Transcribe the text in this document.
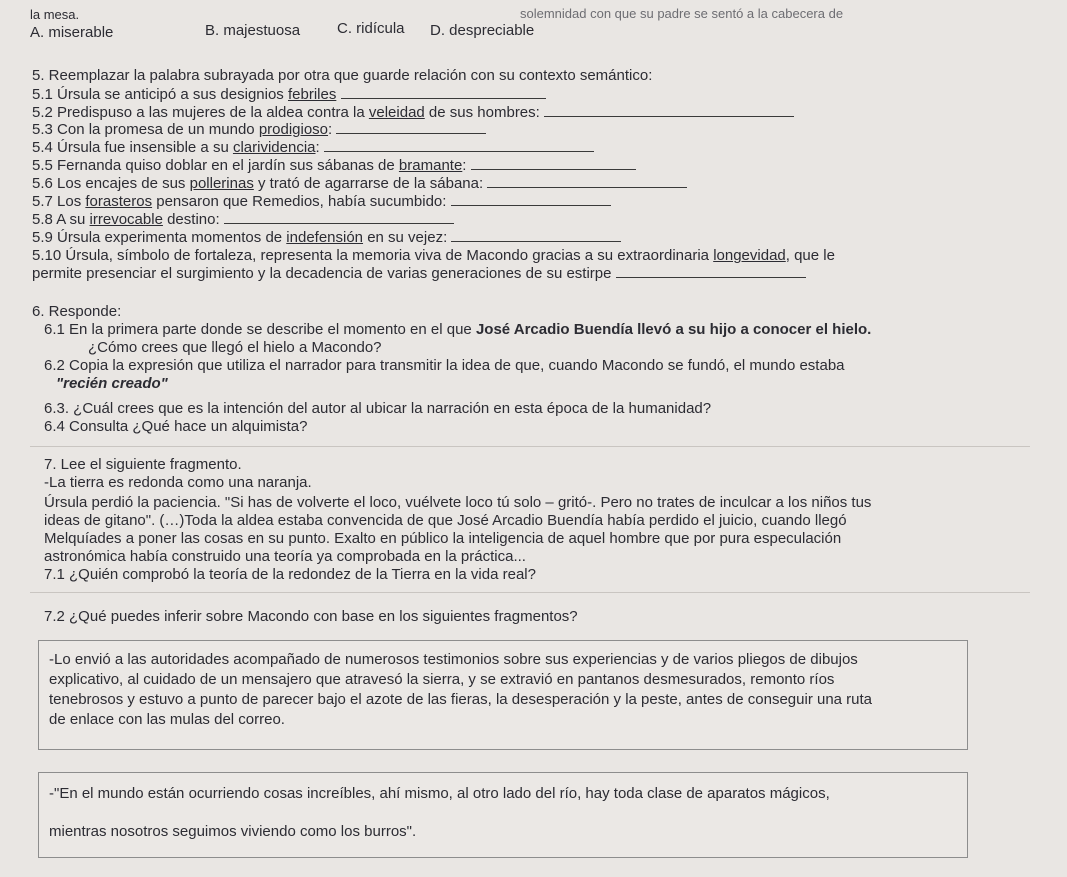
la mesa.	solemnidad con que su padre se sentó a la cabecera de
A. miserable	B. majestuosa C. ridícula D. despreciable
5. Reemplazar la palabra subrayada por otra que guarde relación con su contexto semántico:
5.1 Úrsula se anticipó a sus designios febriles
5.2 Predispuso a las mujeres de la aldea contra la veleidad de sus hombres:
5.3 Con la promesa de un mundo prodigioso:
5.4 Úrsula fue insensible a su clarividencia:
5.5 Fernanda quiso doblar en el jardín sus sábanas de bramante:
5.6 Los encajes de sus pollerinas y trató de agarrarse de la sábana:
5.7 Los forasteros pensaron que Remedios, había sucumbido:
5.8 A su irrevocable destino:
5.9 Úrsula experimenta momentos de indefensión en su vejez:
5.10 Úrsula, símbolo de fortaleza, representa la memoria viva de Macondo gracias a su extraordinaria longevidad, que le
permite presenciar el surgimiento y la decadencia de varias generaciones de su estirpe
6. Responde:
6.1 En la primera parte donde se describe el momento en el que José Arcadio Buendía llevó a su hijo a conocer el hielo.
¿Cómo crees que llegó el hielo a Macondo?
6.2 Copia la expresión que utiliza el narrador para transmitir la idea de que, cuando Macondo se fundó, el mundo estaba
"recién creado"
6.3. ¿Cuál crees que es la intención del autor al ubicar la narración en esta época de la humanidad?
6.4 Consulta ¿Qué hace un alquimista?
7. Lee el siguiente fragmento.
-La tierra es redonda como una naranja.
Úrsula perdió la paciencia. "Si has de volverte el loco, vuélvete loco tú solo – gritó-. Pero no trates de inculcar a los niños tus
ideas de gitano". (…)Toda la aldea estaba convencida de que José Arcadio Buendía había perdido el juicio, cuando llegó
Melquíades a poner las cosas en su punto. Exalto en público la inteligencia de aquel hombre que por pura especulación
astronómica había construido una teoría ya comprobada en la práctica...
7.1 ¿Quién comprobó la teoría de la redondez de la Tierra en la vida real?
7.2 ¿Qué puedes inferir sobre Macondo con base en los siguientes fragmentos?
-Lo envió a las autoridades acompañado de numerosos testimonios sobre sus experiencias y de varios pliegos de dibujos
explicativo, al cuidado de un mensajero que atravesó la sierra, y se extravió en pantanos desmesurados, remonto ríos
tenebrosos y estuvo a punto de parecer bajo el azote de las fieras, la desesperación y la peste, antes de conseguir una ruta
de enlace con las mulas del correo.
-"En el mundo están ocurriendo cosas increíbles, ahí mismo, al otro lado del río, hay toda clase de aparatos mágicos,
mientras nosotros seguimos viviendo como los burros".
